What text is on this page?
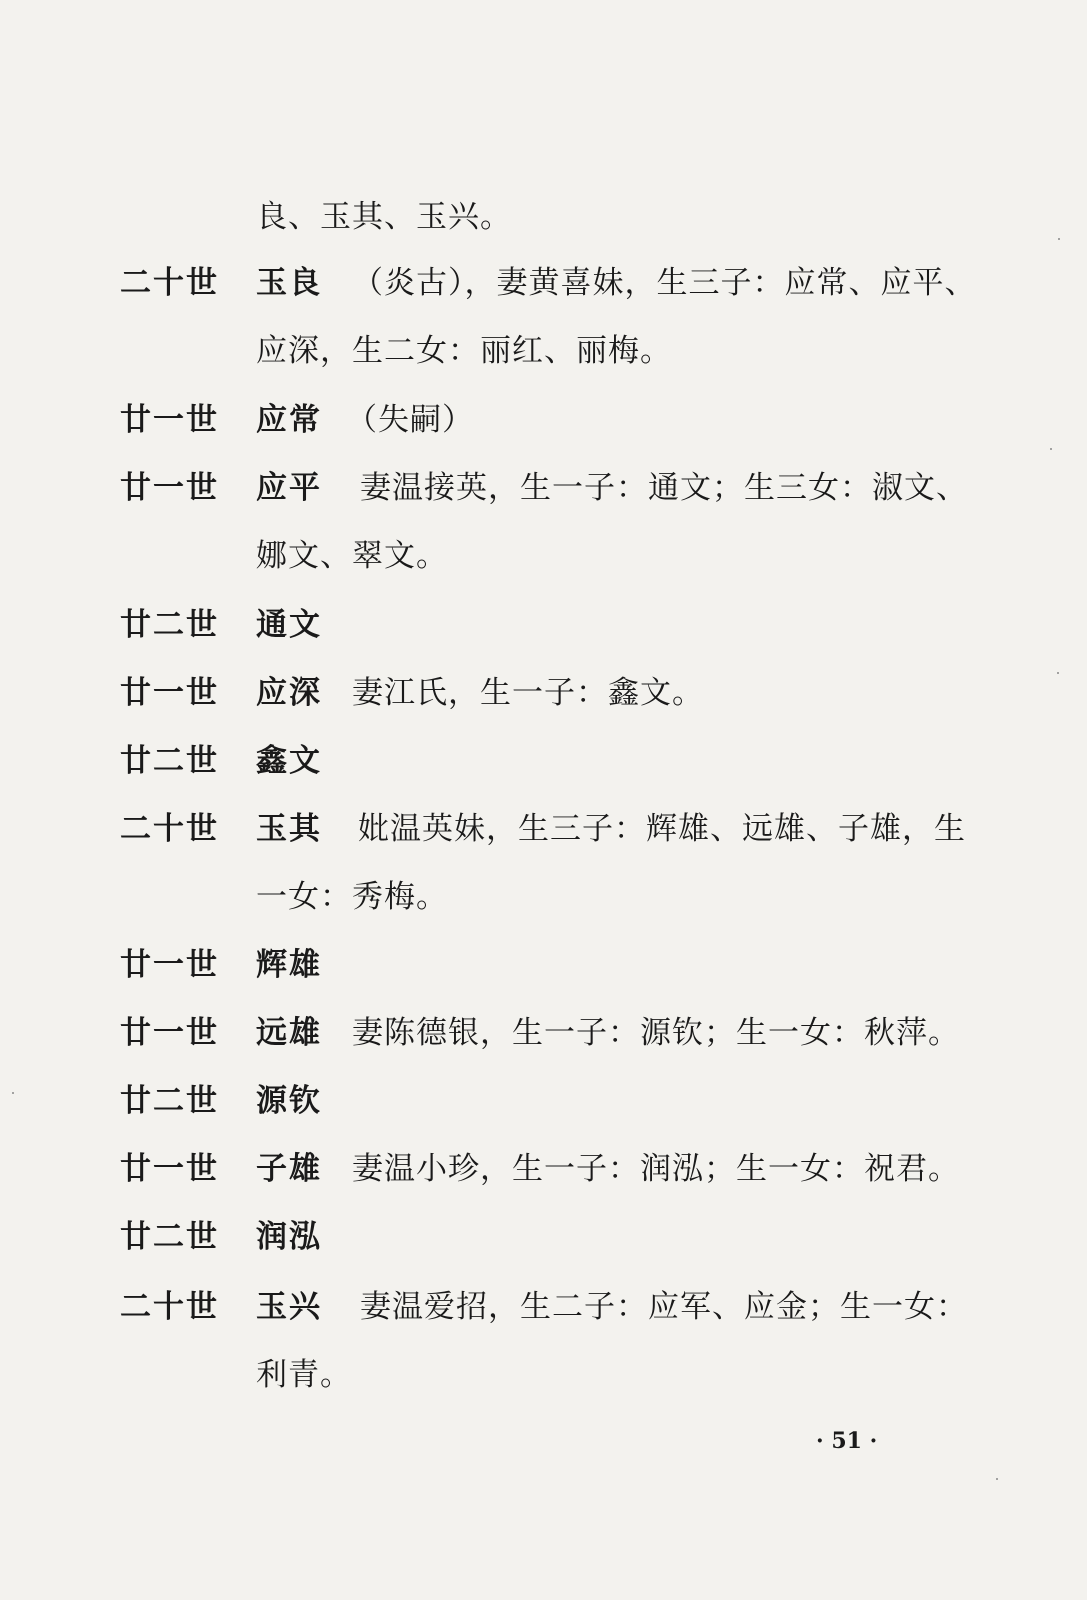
良、玉其、玉兴。
二十世 玉良 （炎古），妻黄喜妹，生三子：应常、应平、
应深，生二女：丽红、丽梅。
廿一世 应常 （失嗣）
廿一世 应平 妻温接英，生一子：通文；生三女：淑文、
娜文、翠文。
廿二世 通文
廿一世 应深 妻江氏，生一子：鑫文。
廿二世 鑫文
二十世 玉其 妣温英妹，生三子：辉雄、远雄、子雄，生
一女：秀梅。
廿一世 辉雄
廿一世 远雄 妻陈德银，生一子：源钦；生一女：秋萍。
廿二世 源钦
廿一世 子雄 妻温小珍，生一子：润泓；生一女：祝君。
廿二世 润泓
二十世 玉兴 妻温爱招，生二子：应军、应金；生一女：
利青。
· 51 ·
